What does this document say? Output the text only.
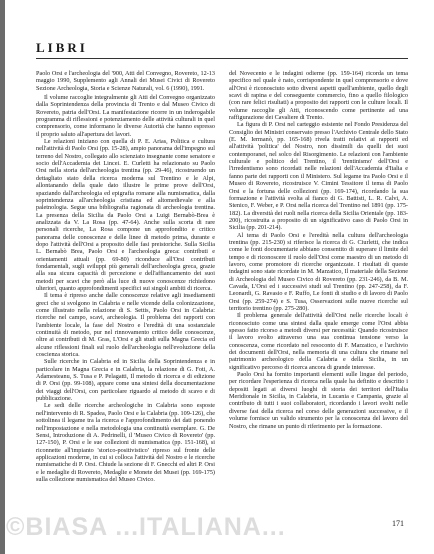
LIBRI

Paolo Orsi e l'archeologia del '900, Atti del Convegno, Rovereto, 12-13 maggio 1990, Supplemento agli Annali dei Musei Civici di Rovereto Sezione Archeologia, Storia e Scienze Naturali, vol. 6 (1990), 1991.

Il volume raccoglie integralmente gli Atti del Convegno organizzato dalla Soprintendenza della provincia di Trento e dal Museo Civico di Rovereto, patria dell'Orsi. La manifestazione ricorre in un inderogabile programma di riflessioni e potenziamento delle attività culturali in quel comprensorio, come informano le diverse Autorità che hanno espresso il proprio saluto all'apertura dei lavori.

Le relazioni iniziano con quella di P. E. Arias, Politica e cultura nell'attività di Paolo Orsi (pp. 15-28), ampio panorama dell'impegno sul terreno del Nostro, collegato allo scienziato insegnante come senatore e socio dell'Accademia dei Lincei. E. Curletti ha relazionato su Paolo Orsi nella storia dell'archeologia trentina (pp. 29-46), ricostruendo un dettagliato stato della ricerca moderna sul Trentino e le Alpi, allontanando della quale dato illustre le prime prove dell'Orsi, spaziando dall'archeologia ed epigrafia romane alla numismatica, dalla soprintendenza all'archeologia cristiana ed altomedievale e alla paletnologia. Segue una bibliografia ragionata di archeologia trentina. La presenza della Sicilia da Paolo Orsi a Luigi Bernabò-Brea è analizzata da V. La Rosa (pp. 47-64). Anche sulla scorta di rare personali ricerche, La Rosa compone un approfondito e critico panorama delle conoscenze e delle linee di metodo prima, durante e dopo l'attività dell'Orsi a proposito delle fasi preistoriche. Sulla Sicilia L. Bernabò Brea, Paolo Orsi e l'archeologia greca: contributi e orientamenti attuali (pp. 69-80) riconduce all'Orsi contributi fondamentali, sugli sviluppi più generali dell'archeologia greca, grazie alla sua sicura capacità di percezione e dell'affiancamento dei suoi metodi per scavi che però alla luce di nuove conoscenze richiedono ulteriori, quanto approfondimenti specifici sui singoli ambiti di ricerca.

Il tema è ripreso anche dalle conoscenze relative agli insediamenti greci che si svolgono in Calabria e nelle vicende della colonizzazione, come illustrato nella relazione di S. Settis, Paolo Orsi in Calabria: ricerche nel campo, scavi, archeologia. Il problema dei rapporti con l'ambiente locale, la fase del Nostro e l'eredità di una sostanziale continuità di metodo, pur nel rinnovamento critico delle conoscenze, oltre ai contributi di M. Gras, L'Orsi e gli studi sulla Magna Grecia ed alcune riflessioni finali sul ruolo dell'archeologia nell'evoluzione della coscienza storica.

Sulle ricerche in Calabria ed in Sicilia della Soprintendenza e in particolare in Magna Grecia e in Calabria, la relazione di G. Foti, A. Adamesteanu, S. Tusa e P. Pelagatti, Il metodo di ricerca e di edizione di P. Orsi (pp. 99-108), appare come una sintesi della documentazione dei viaggi dell'Orsi, con particolare riguardo al metodo di scavo e di pubblicazione.

Le sedi delle ricerche archeologiche in Calabria sono esposte nell'intervento di R. Spadea, Paolo Orsi e la Calabria (pp. 109-126), che sottolinea il legame tra la ricerca e l'approfondimento dei dati ponendo nell'impostazione e nella metodologia una continuità esemplare. G. De Sensi, Introduzione di A. Pedrinelli, il 'Museo Civico di Rovereto' (pp. 127-150), P. Orsi e le sue collezioni di numismatica (pp. 151-168), si riconnette all'impianto 'storico-positivistico' ripreso sul fronte delle applicazioni moderne, in cui si colloca l'attività del Nostro e le ricerche numismatiche di P. Orsi. Chiude la sezione di F. Gnecchi ed altri P. Orsi e le medaglie di Rovereto, Medaglie e Monete dei Musei (pp. 169-175) sulla collezione numismatica del Museo Civico.

del Novecento e le indagini odierne (pp. 159-164) ricorda un tema specifico nel quale è nato, corrispondente in quel comprensorio e dove all'Orsi è riconosciuto sotto diversi aspetti quell'ambiente, quello degli scavi di rapina e del conseguente commercio, fino a quello filologico (con rare felici risultati) a proposito dei rapporti con le culture locali. Il volume raccoglie gli Atti, riconoscendo come pertinente ad una raffigurazione dei Cavaliere di Trento.

La figura di P. Orsi nel carteggio esistente nel Fondo Presidenza del Consiglio dei Ministri conservato presso l'Archivio Centrale dello Stato (E. M. Iermanò, pp. 165-168) rivela tratti relativi ai rapporti ed all'attività 'politica' del Nostro, non dissimili da quelli dei suoi contemporanei, nel solco del Risorgimento. Le relazioni con l'ambiente culturale e politico del Trentino, il 'trentinismo' dell'Orsi e l'irredentismo sono ricordati nelle relazioni dell'Accademia d'Italia e fanno parte dei rapporti con il Ministero. Sul legame tra Paolo Orsi e il Museo di Rovereto, ricostruisce V. Cimini Tessitore il tema di Paolo Orsi e la fortuna delle collezioni (pp. 169-174), ricordando la sua formazione e l'attività svolta al fianco di G. Battisti, L. R. Calvi, A. Stenico, F. Weber, e P. Orsi nella ricerca del Trentino nel 1891 (pp. 175-182). La diversità dei ruoli nella ricerca della Sicilia Orientale (pp. 183-200), ricostruita a proposito di un significativo caso di Paolo Orsi in Sicilia (pp. 201-214).

Al tema di Paolo Orsi e l'eredità nella cultura dell'archeologia trentina (pp. 215-230) si riferisce la ricerca di G. Ciurletti, che indica come le fonti documentarie abbiano consentito di superare il limite del tempo e di riconoscere il ruolo dell'Orsi come maestro di un metodo di lavoro, come promotore di ricerche organizzate. I risultati di queste indagini sono state ricordate in M. Marzatico, Il materiale della Sezione di Archeologia del Museo Civico di Rovereto (pp. 231-246), da B. M. Cavada, L'Orsi ed i successivi studi sul Trentino (pp. 247-258), da F. Leonardi, G. Ravasio e F. Ruffo, Le fonti di studio e di lavoro di Paolo Orsi (pp. 259-274) e S. Tusa, Osservazioni sulle nuove ricerche sul territorio trentino (pp. 275-280).

Il problema generale dell'attività dell'Orsi nelle ricerche locali è riconosciuto come una sintesi dalla quale emerge come l'Orsi abbia spesso fatto ricorso a metodi diversi per necessità: Quando ricostruisce il lavoro svolto attraverso una sua continua tensione verso la conoscenza, come ricordato nel resoconto di F. Marzatico, e l'archivio dei documenti dell'Orsi, nella memoria di una cultura che rimane nel patrimonio archeologico della Calabria e della Sicilia, in un significativo percorso di ricerca ancora di grande interesse.

Paolo Orsi ha fornito importanti elementi sulle lingue del periodo, per ricordare l'esperienza di ricerca nella quale ha definito e descritto i depositi legati ai diversi luoghi di storia dei territori dell'Italia Meridionale in Sicilia, in Calabria, in Lucania e Campania, grazie al contributo di tutti i suoi collaboratori, ricordando i lavori svolti nelle diverse fasi della ricerca nel corso delle generazioni successive, e il volume fornisce un valido strumento per la conoscenza del lavoro del Nostro, che rimane un punto di riferimento per la formazione.

171
©BIASA ...ITALIANA...
